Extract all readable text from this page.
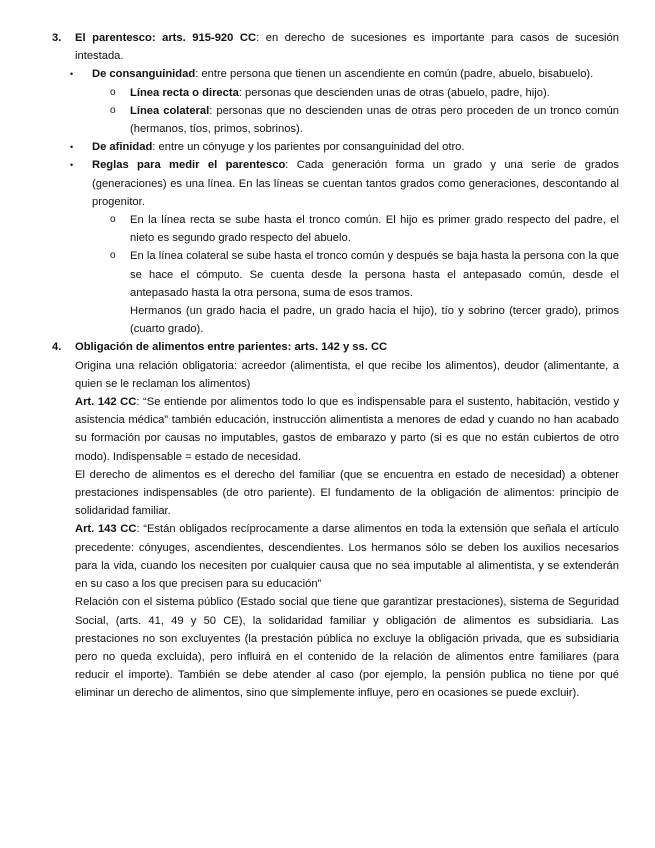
3. El parentesco: arts. 915-920 CC: en derecho de sucesiones es importante para casos de sucesión intestada.
• De consanguinidad: entre persona que tienen un ascendiente en común (padre, abuelo, bisabuelo).
o Línea recta o directa: personas que descienden unas de otras (abuelo, padre, hijo).
o Línea colateral: personas que no descienden unas de otras pero proceden de un tronco común (hermanos, tíos, primos, sobrinos).
• De afinidad: entre un cónyuge y los parientes por consanguinidad del otro.
• Reglas para medir el parentesco: Cada generación forma un grado y una serie de grados (generaciones) es una línea. En las líneas se cuentan tantos grados como generaciones, descontando al progenitor.
o En la línea recta se sube hasta el tronco común. El hijo es primer grado respecto del padre, el nieto es segundo grado respecto del abuelo.
o En la línea colateral se sube hasta el tronco común y después se baja hasta la persona con la que se hace el cómputo. Se cuenta desde la persona hasta el antepasado común, desde el antepasado hasta la otra persona, suma de esos tramos.
Hermanos (un grado hacia el padre, un grado hacia el hijo), tío y sobrino (tercer grado), primos (cuarto grado).
4. Obligación de alimentos entre parientes: arts. 142 y ss. CC
Origina una relación obligatoria: acreedor (alimentista, el que recibe los alimentos), deudor (alimentante, a quien se le reclaman los alimentos)
Art. 142 CC: “Se entiende por alimentos todo lo que es indispensable para el sustento, habitación, vestido y asistencia médica” también educación, instrucción alimentista a menores de edad y cuando no han acabado su formación por causas no imputables, gastos de embarazo y parto (si es que no están cubiertos de otro modo). Indispensable = estado de necesidad.
El derecho de alimentos es el derecho del familiar (que se encuentra en estado de necesidad) a obtener prestaciones indispensables (de otro pariente). El fundamento de la obligación de alimentos: principio de solidaridad familiar.
Art. 143 CC: “Están obligados recíprocamente a darse alimentos en toda la extensión que señala el artículo precedente: cónyuges, ascendientes, descendientes. Los hermanos sólo se deben los auxilios necesarios para la vida, cuando los necesiten por cualquier causa que no sea imputable al alimentista, y se extenderán en su caso a los que precisen para su educación”
Relación con el sistema público (Estado social que tiene que garantizar prestaciones), sistema de Seguridad Social, (arts. 41, 49 y 50 CE), la solidaridad familiar y obligación de alimentos es subsidiaria. Las prestaciones no son excluyentes (la prestación pública no excluye la obligación privada, que es subsidiaria pero no queda excluida), pero influirá en el contenido de la relación de alimentos entre familiares (para reducir el importe). También se debe atender al caso (por ejemplo, la pensión publica no tiene por qué eliminar un derecho de alimentos, sino que simplemente influye, pero en ocasiones se puede excluir).
